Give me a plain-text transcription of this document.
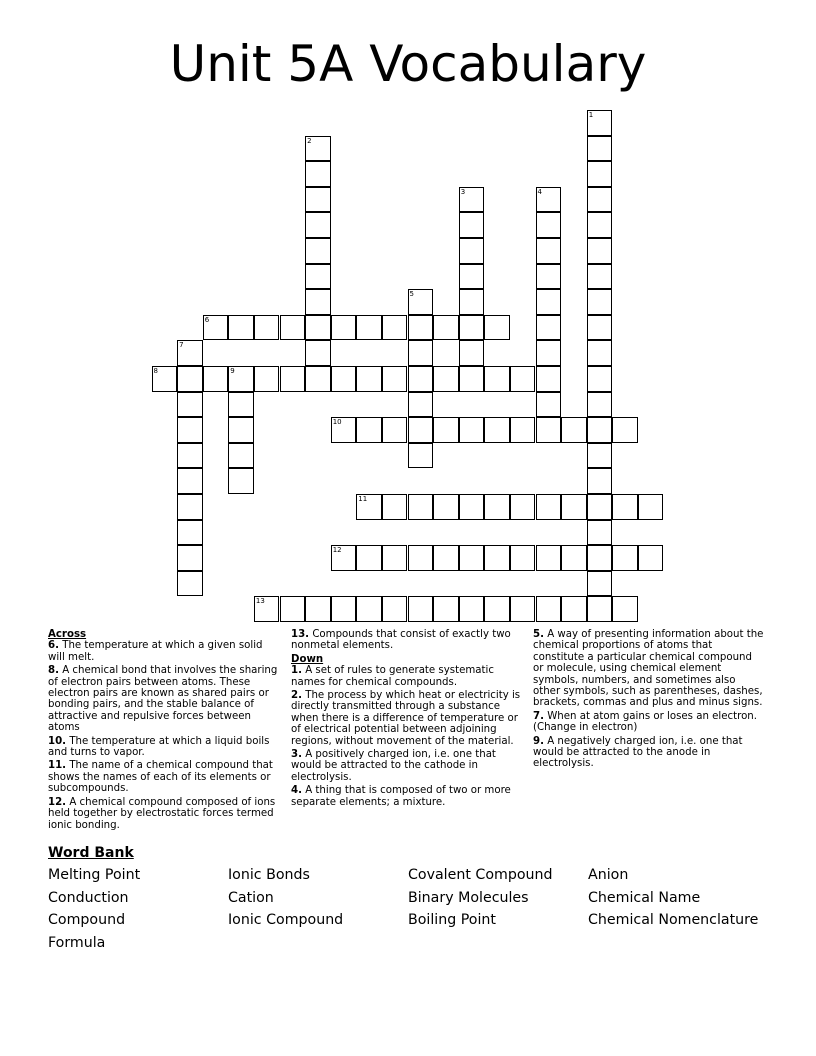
Unit 5A Vocabulary
1
2
3	4
5
6
7
8	9
10
11
12
13
Across

6. The temperature at which a given solid will melt.

8. A chemical bond that involves the sharing of electron pairs between atoms. These electron pairs are known as shared pairs or bonding pairs, and the stable balance of attractive and repulsive forces between atoms

10. The temperature at which a liquid boils and turns to vapor.

11. The name of a chemical compound that shows the names of each of its elements or subcompounds.

12. A chemical compound composed of ions held together by electrostatic forces termed ionic bonding.

13. Compounds that consist of exactly two nonmetal elements.

Down

1. A set of rules to generate systematic names for chemical compounds.

2. The process by which heat or electricity is directly transmitted through a substance when there is a difference of temperature or of electrical potential between adjoining regions, without movement of the material.

3. A positively charged ion, i.e. one that would be attracted to the cathode in electrolysis.

4. A thing that is composed of two or more separate elements; a mixture.

5. A way of presenting information about the chemical proportions of atoms that constitute a particular chemical compound or molecule, using chemical element symbols, numbers, and sometimes also other symbols, such as parentheses, dashes, brackets, commas and plus and minus signs.

7. When at atom gains or loses an electron. (Change in electron)

9. A negatively charged ion, i.e. one that would be attracted to the anode in electrolysis.

Word Bank
Melting Point	Ionic Bonds	Covalent Compound	Anion
Conduction	Cation	Binary Molecules	Chemical Name
Compound	Ionic Compound	Boiling Point	Chemical Nomenclature
Formula
